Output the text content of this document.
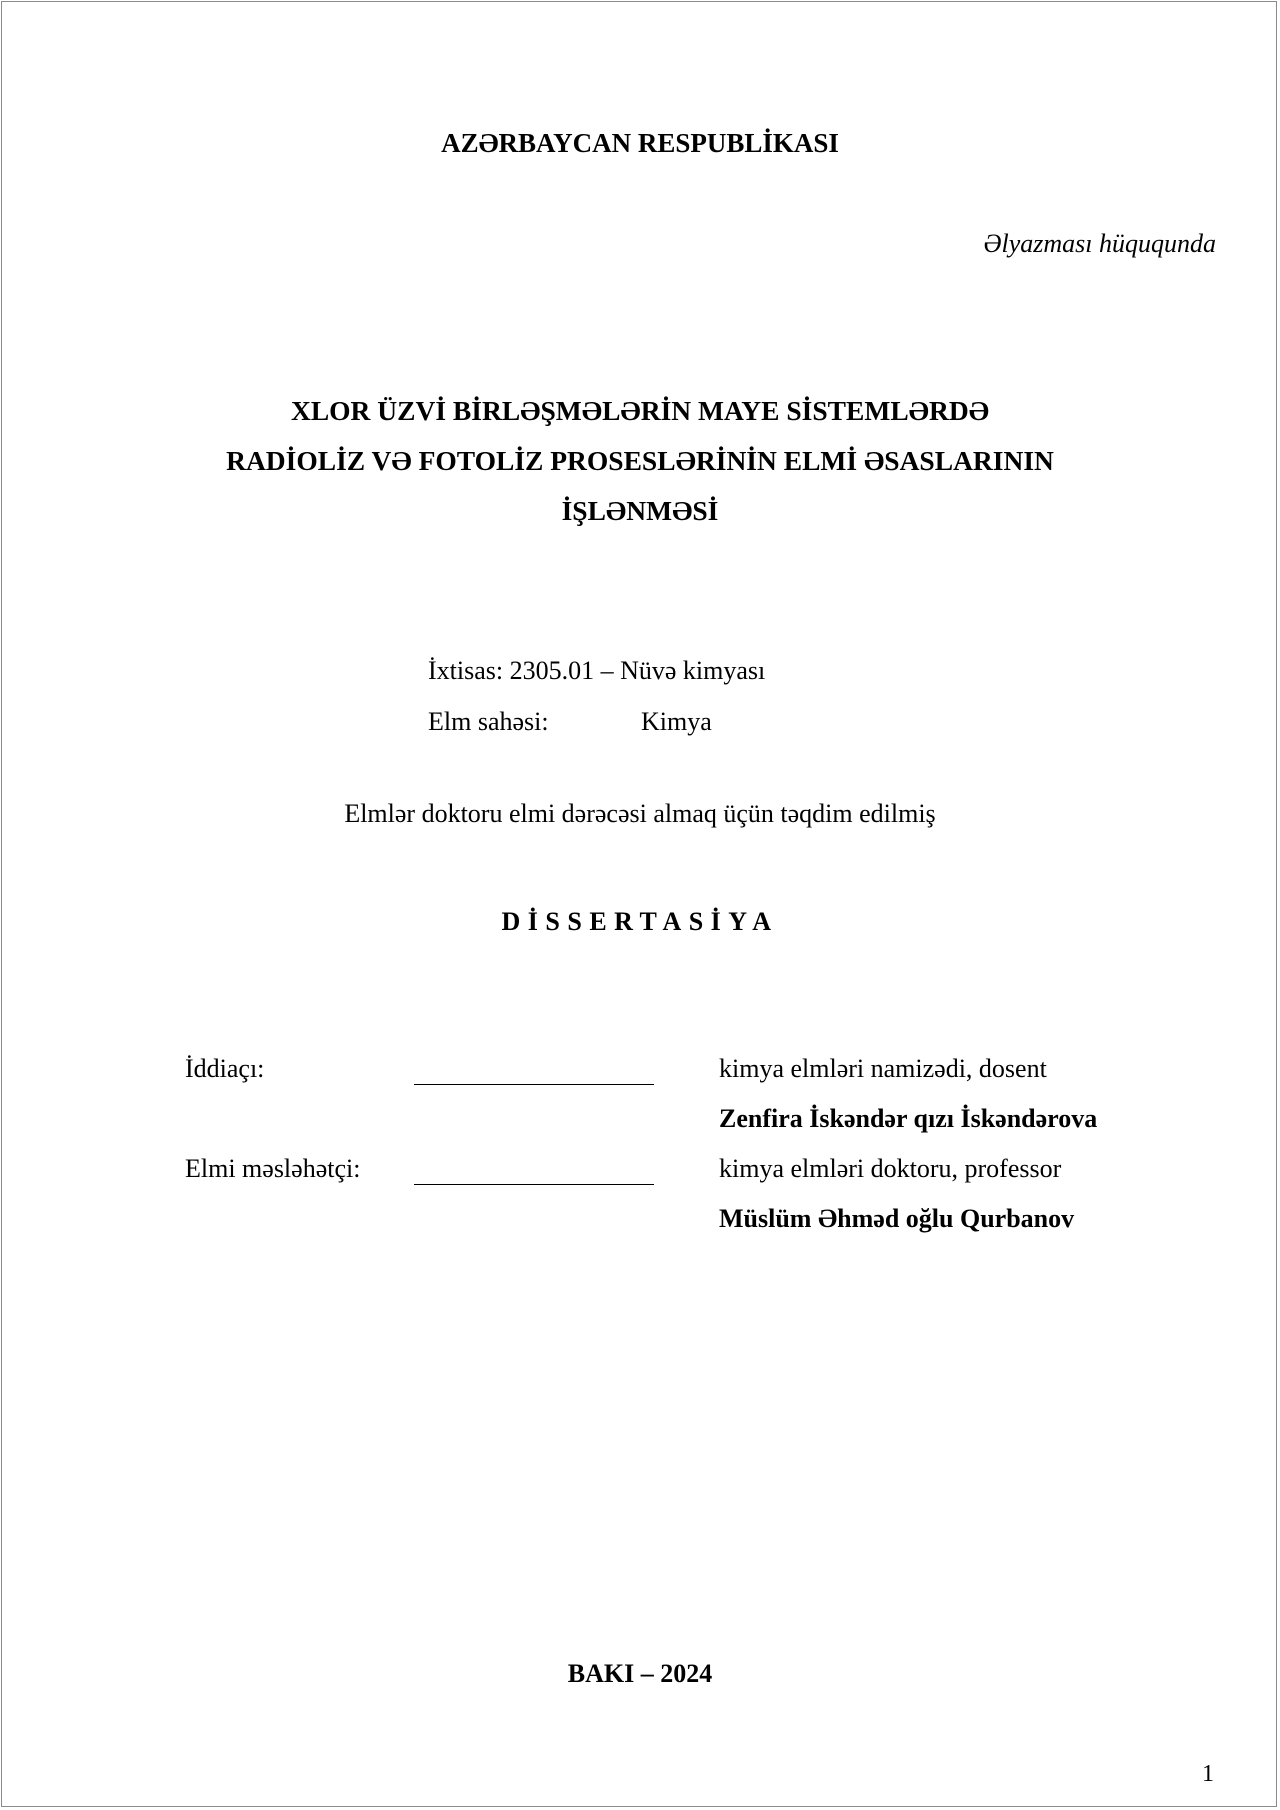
AZƏRBAYCAN RESPUBLİKASI
Əlyazması hüququnda
XLOR ÜZVİ BİRLƏŞMƏLƏRİN MAYE SİSTEMLƏRDƏ
RADİOLİZ VƏ FOTOLİZ PROSESLƏRİNİN ELMİ ƏSASLARININ
İŞLƏNMƏSİ
İxtisas: 2305.01 – Nüvə kimyası
Elm sahəsi:	Kimya
Elmlər doktoru elmi dərəcəsi almaq üçün təqdim edilmiş
DİSSERTASİYA
İddiaçı:	kimya elmləri namizədi, dosent
Zenfira İskəndər qızı İskəndərova
Elmi məsləhətçi:	kimya elmləri doktoru, professor
Müslüm Əhməd oğlu Qurbanov
BAKI – 2024
1
